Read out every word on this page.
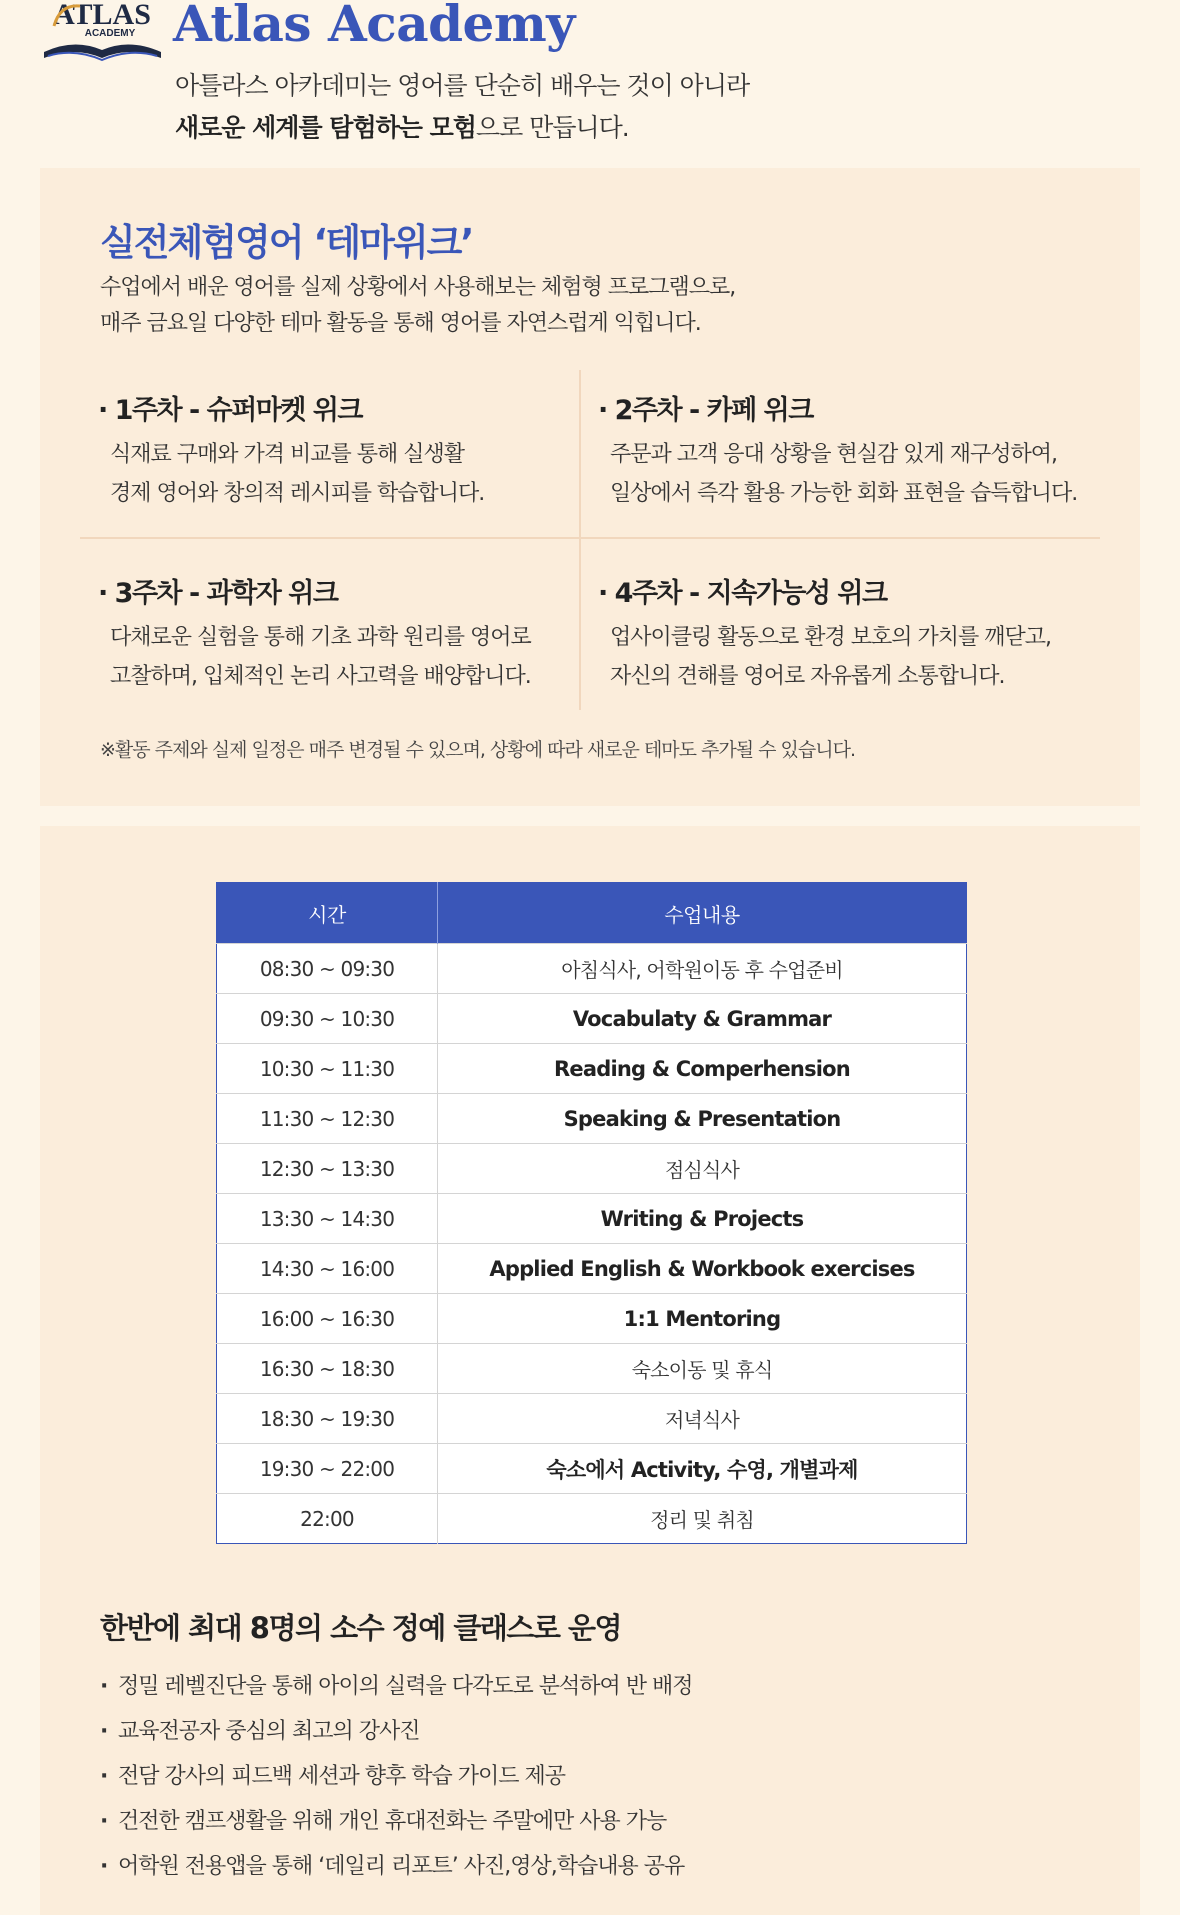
ATLAS
ACADEMY Atlas Academy
아틀라스 아카데미는 영어를 단순히 배우는 것이 아니라
새로운 세계를 탐험하는 모험으로 만듭니다.
실전체험영어 ‘테마위크’
수업에서 배운 영어를 실제 상황에서 사용해보는 체험형 프로그램으로,
매주 금요일 다양한 테마 활동을 통해 영어를 자연스럽게 익힙니다.
· 1주차 - 슈퍼마켓 위크
식재료 구매와 가격 비교를 통해 실생활
경제 영어와 창의적 레시피를 학습합니다.
· 2주차 - 카페 위크
주문과 고객 응대 상황을 현실감 있게 재구성하여,
일상에서 즉각 활용 가능한 회화 표현을 습득합니다.
· 3주차 - 과학자 위크
다채로운 실험을 통해 기초 과학 원리를 영어로
고찰하며, 입체적인 논리 사고력을 배양합니다.
· 4주차 - 지속가능성 위크
업사이클링 활동으로 환경 보호의 가치를 깨닫고,
자신의 견해를 영어로 자유롭게 소통합니다.
※활동 주제와 실제 일정은 매주 변경될 수 있으며, 상황에 따라 새로운 테마도 추가될 수 있습니다.
시간	수업내용
08:30 ~ 09:30	아침식사, 어학원이동 후 수업준비
09:30 ~ 10:30	Vocabulaty & Grammar
10:30 ~ 11:30	Reading & Comperhension
11:30 ~ 12:30	Speaking & Presentation
12:30 ~ 13:30	점심식사
13:30 ~ 14:30	Writing & Projects
14:30 ~ 16:00	Applied English & Workbook exercises
16:00 ~ 16:30	1:1 Mentoring
16:30 ~ 18:30	숙소이동 및 휴식
18:30 ~ 19:30	저녁식사
19:30 ~ 22:00	숙소에서 Activity, 수영, 개별과제
22:00	정리 및 취침
한반에 최대 8명의 소수 정예 클래스로 운영
· 정밀 레벨진단을 통해 아이의 실력을 다각도로 분석하여 반 배정
· 교육전공자 중심의 최고의 강사진
· 전담 강사의 피드백 세션과 향후 학습 가이드 제공
· 건전한 캠프생활을 위해 개인 휴대전화는 주말에만 사용 가능
· 어학원 전용앱을 통해 ‘데일리 리포트’ 사진,영상,학습내용 공유
